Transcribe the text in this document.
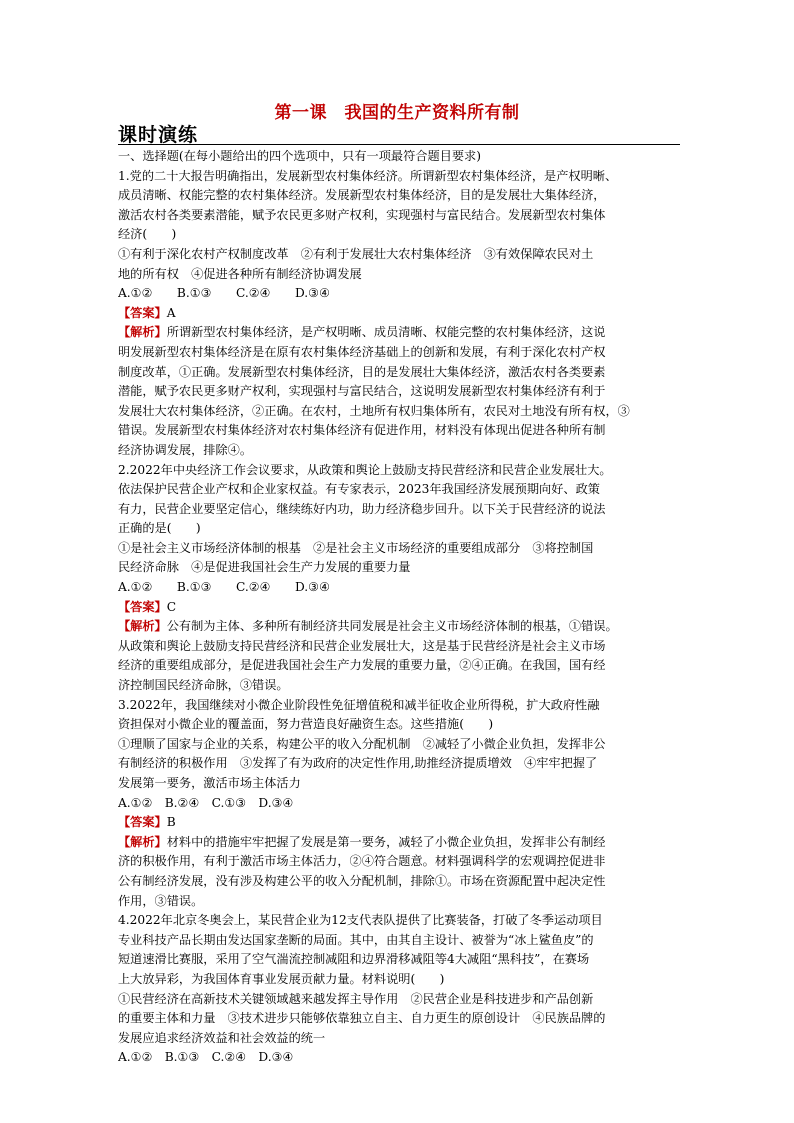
第一课　我国的生产资料所有制
课时演练
一、选择题(在每小题给出的四个选项中，只有一项最符合题目要求)
1.党的二十大报告明确指出，发展新型农村集体经济。所谓新型农村集体经济，是产权明晰、
成员清晰、权能完整的农村集体经济。发展新型农村集体经济，目的是发展壮大集体经济，
激活农村各类要素潜能，赋予农民更多财产权利，实现强村与富民结合。发展新型农村集体
经济(　　)
①有利于深化农村产权制度改革　②有利于发展壮大农村集体经济　③有效保障农民对土
地的所有权　④促进各种所有制经济协调发展
A.①②　　B.①③　　C.②④　　D.③④
【答案】A
【解析】所谓新型农村集体经济，是产权明晰、成员清晰、权能完整的农村集体经济，这说
明发展新型农村集体经济是在原有农村集体经济基础上的创新和发展，有利于深化农村产权
制度改革，①正确。发展新型农村集体经济，目的是发展壮大集体经济，激活农村各类要素
潜能，赋予农民更多财产权利，实现强村与富民结合，这说明发展新型农村集体经济有利于
发展壮大农村集体经济，②正确。在农村，土地所有权归集体所有，农民对土地没有所有权，③
错误。发展新型农村集体经济对农村集体经济有促进作用，材料没有体现出促进各种所有制
经济协调发展，排除④。
2.2022年中央经济工作会议要求，从政策和舆论上鼓励支持民营经济和民营企业发展壮大。
依法保护民营企业产权和企业家权益。有专家表示，2023年我国经济发展预期向好、政策
有力，民营企业要坚定信心，继续练好内功，助力经济稳步回升。以下关于民营经济的说法
正确的是(　　)
①是社会主义市场经济体制的根基　②是社会主义市场经济的重要组成部分　③将控制国
民经济命脉　④是促进我国社会生产力发展的重要力量
A.①②　　B.①③　　C.②④　　D.③④
【答案】C
【解析】公有制为主体、多种所有制经济共同发展是社会主义市场经济体制的根基，①错误。
从政策和舆论上鼓励支持民营经济和民营企业发展壮大，这是基于民营经济是社会主义市场
经济的重要组成部分，是促进我国社会生产力发展的重要力量，②④正确。在我国，国有经
济控制国民经济命脉，③错误。
3.2022年，我国继续对小微企业阶段性免征增值税和减半征收企业所得税，扩大政府性融
资担保对小微企业的覆盖面，努力营造良好融资生态。这些措施(　　)
①理顺了国家与企业的关系，构建公平的收入分配机制　②减轻了小微企业负担，发挥非公
有制经济的积极作用　③发挥了有为政府的决定性作用,助推经济提质增效　④牢牢把握了
发展第一要务，激活市场主体活力
A.①②　B.②④　C.①③　D.③④
【答案】B
【解析】材料中的措施牢牢把握了发展是第一要务，减轻了小微企业负担，发挥非公有制经
济的积极作用，有利于激活市场主体活力，②④符合题意。材料强调科学的宏观调控促进非
公有制经济发展，没有涉及构建公平的收入分配机制，排除①。市场在资源配置中起决定性
作用，③错误。
4.2022年北京冬奥会上，某民营企业为12支代表队提供了比赛装备，打破了冬季运动项目
专业科技产品长期由发达国家垄断的局面。其中，由其自主设计、被誉为“冰上鲨鱼皮”的
短道速滑比赛服，采用了空气湍流控制减阻和边界滑移减阻等4大减阻“黑科技”，在赛场
上大放异彩，为我国体育事业发展贡献力量。材料说明(　　)
①民营经济在高新技术关键领域越来越发挥主导作用　②民营企业是科技进步和产品创新
的重要主体和力量　③技术进步只能够依靠独立自主、自力更生的原创设计　④民族品牌的
发展应追求经济效益和社会效益的统一
A.①②　B.①③　C.②④　D.③④
